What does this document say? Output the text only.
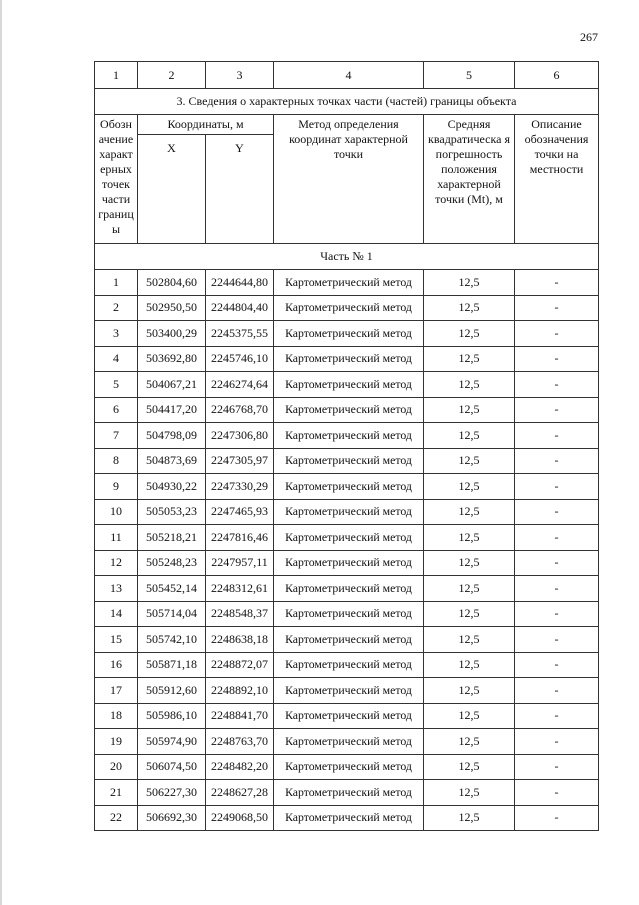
267
1	2	3	4	5	6
3. Сведения о характерных точках части (частей) границы объекта					
Обозн ачение характ ерных точек части границ ы	Координаты, м		Метод определения координат характерной точки	Средняя квадратическа я погрешность положения характерной точки (Мt), м	Описание обозначения точки на местности
	X	Y			
Часть № 1					
1	502804,60	2244644,80	Картометрический метод	12,5	-
2	502950,50	2244804,40	Картометрический метод	12,5	-
3	503400,29	2245375,55	Картометрический метод	12,5	-
4	503692,80	2245746,10	Картометрический метод	12,5	-
5	504067,21	2246274,64	Картометрический метод	12,5	-
6	504417,20	2246768,70	Картометрический метод	12,5	-
7	504798,09	2247306,80	Картометрический метод	12,5	-
8	504873,69	2247305,97	Картометрический метод	12,5	-
9	504930,22	2247330,29	Картометрический метод	12,5	-
10	505053,23	2247465,93	Картометрический метод	12,5	-
11	505218,21	2247816,46	Картометрический метод	12,5	-
12	505248,23	2247957,11	Картометрический метод	12,5	-
13	505452,14	2248312,61	Картометрический метод	12,5	-
14	505714,04	2248548,37	Картометрический метод	12,5	-
15	505742,10	2248638,18	Картометрический метод	12,5	-
16	505871,18	2248872,07	Картометрический метод	12,5	-
17	505912,60	2248892,10	Картометрический метод	12,5	-
18	505986,10	2248841,70	Картометрический метод	12,5	-
19	505974,90	2248763,70	Картометрический метод	12,5	-
20	506074,50	2248482,20	Картометрический метод	12,5	-
21	506227,30	2248627,28	Картометрический метод	12,5	-
22	506692,30	2249068,50	Картометрический метод	12,5	-
